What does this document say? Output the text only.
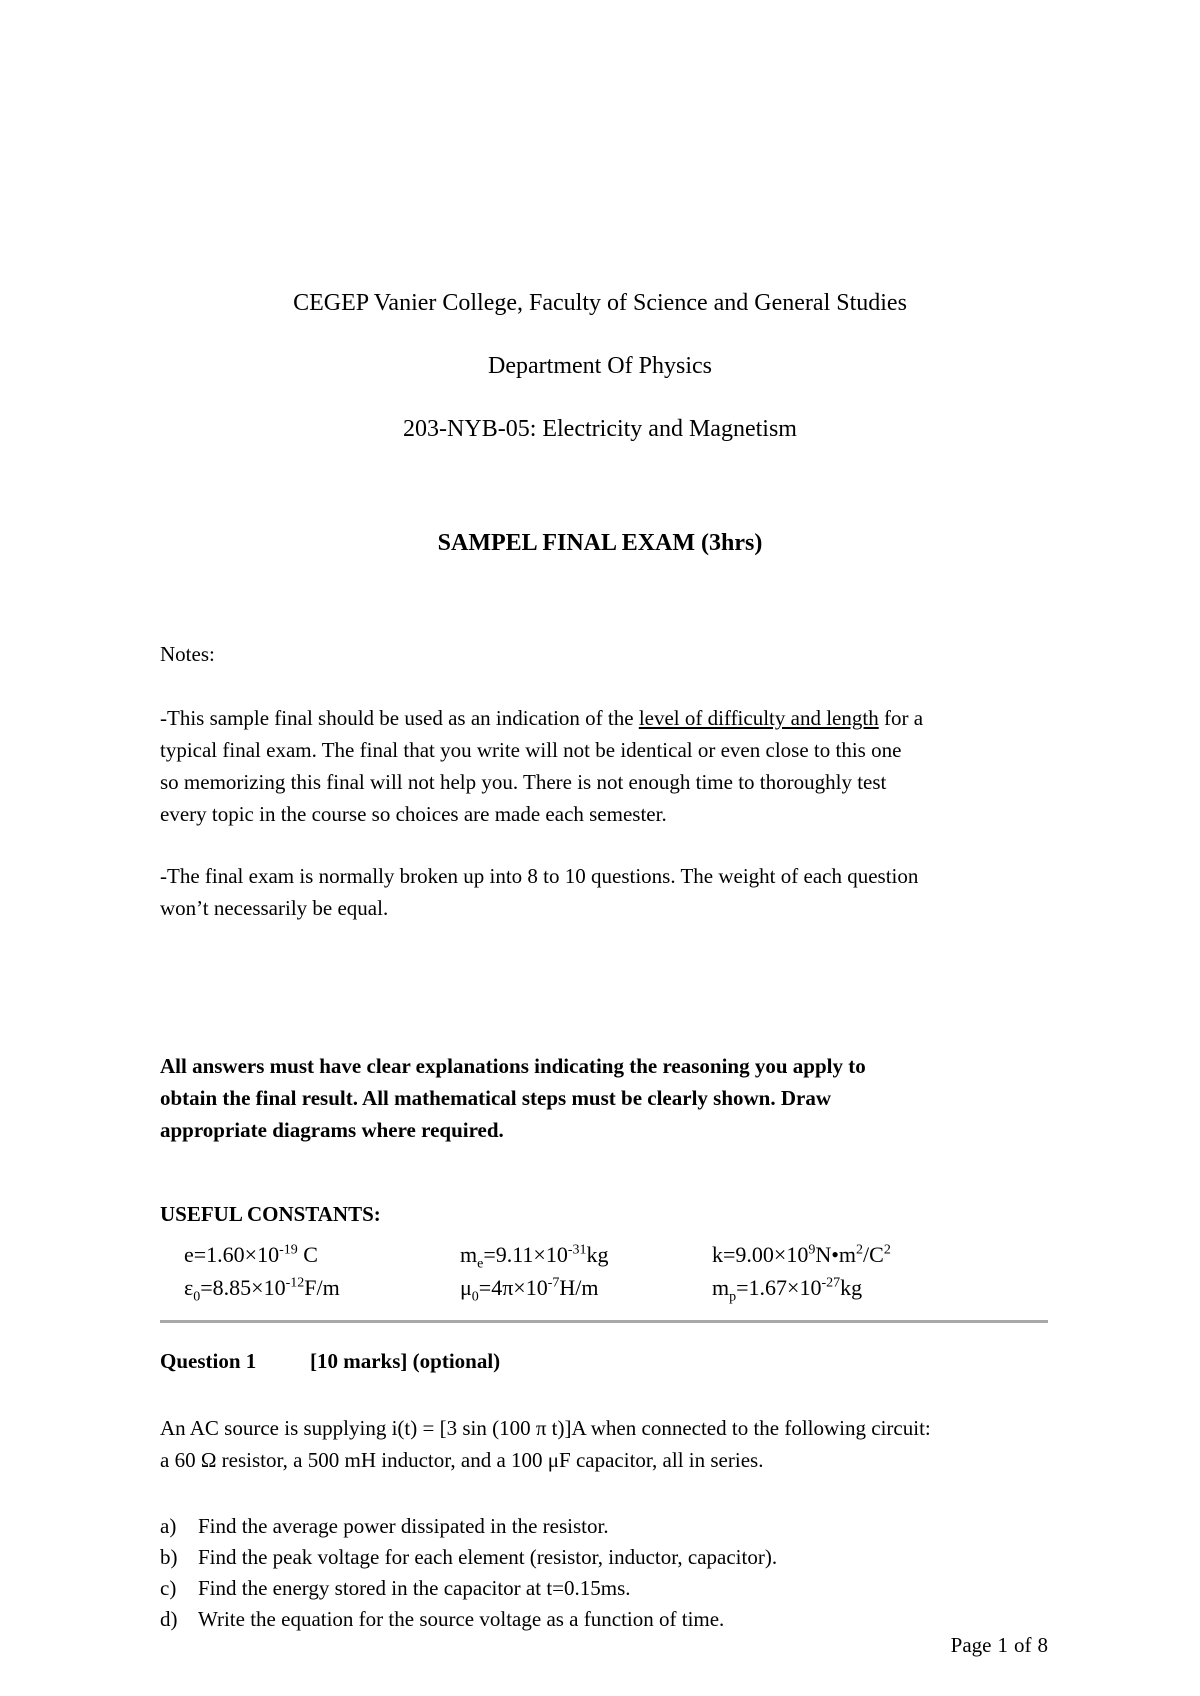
CEGEP Vanier College, Faculty of Science and General Studies
Department Of Physics
203-NYB-05: Electricity and Magnetism
SAMPEL FINAL EXAM (3hrs)
Notes:
-This sample final should be used as an indication of the level of difficulty and length for a
typical final exam. The final that you write will not be identical or even close to this one
so memorizing this final will not help you. There is not enough time to thoroughly test
every topic in the course so choices are made each semester.
-The final exam is normally broken up into 8 to 10 questions. The weight of each question
won’t necessarily be equal.
All answers must have clear explanations indicating the reasoning you apply to
obtain the final result. All mathematical steps must be clearly shown. Draw
appropriate diagrams where required.
USEFUL CONSTANTS:
$e=1.60\times 10^{-19}$ C	$m_e=9.11\times 10^{-31}kg$	$k=9.00\times 10^9N•m^2/C^2$
$\varepsilon_0=8.85\times 10^{-12}F/m$	$\mu_0=4\pi\times 10^{-7}H/m$	$m_p=1.67\times 10^{-27}kg$
Question 1	[10 marks] (optional)
An AC source is supplying i(t) = [3 sin (100 π t)]A when connected to the following circuit:
a 60 Ω resistor, a 500 mH inductor, and a 100 μF capacitor, all in series.
a) Find the average power dissipated in the resistor.
b) Find the peak voltage for each element (resistor, inductor, capacitor).
c) Find the energy stored in the capacitor at t=0.15ms.
d) Write the equation for the source voltage as a function of time.
Page 1 of 8
